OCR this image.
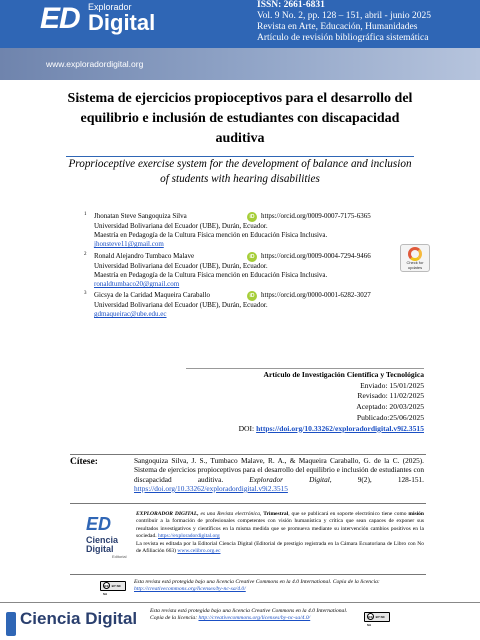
ED Explorador
Digital
ISSN: 2661-6831
Vol. 9 No. 2, pp. 128 – 151, abril - junio 2025
Revista en Arte, Educación, Humanidades
Artículo de revisión bibliográfica sistemática
www.exploradordigital.org
Sistema de ejercicios propioceptivos para el desarrollo del equilibrio e inclusión de estudiantes con discapacidad auditiva
Proprioceptive exercise system for the development of balance and inclusion of students with hearing disabilities
1 Jhonatan Steve Sangoquiza Silva	iD https://orcid.org/0009-0007-7175-6365
Universidad Bolivariana del Ecuador (UBE), Durán, Ecuador.
Maestría en Pedagogía de la Cultura Física mención en Educación Física Inclusiva.
jhonsteve11@gmail.com
2 Ronald Alejandro Tumbaco Malave	iD https://orcid.org/0009-0004-7294-9466
Universidad Bolivariana del Ecuador (UBE), Durán, Ecuador.
Maestría en Pedagogía de la Cultura Física mención en Educación Física Inclusiva.
ronaldtumbaco20@gmail.com
3 Gicsya de la Caridad Maqueira Caraballo	iD https://orcid.org/0000-0001-6282-3027
Universidad Bolivariana del Ecuador (UBE), Durán, Ecuador.
gdmaqueirac@ube.edu.ec
Check for updates
Artículo de Investigación Científica y Tecnológica
Enviado: 15/01/2025
Revisado: 11/02/2025
Aceptado: 20/03/2025
Publicado:25/06/2025
DOI: https://doi.org/10.33262/exploradordigital.v9i2.3515
Cítese:	Sangoquiza Silva, J. S., Tumbaco Malave, R. A., & Maqueira Caraballo, G. de la C. (2025). Sistema de ejercicios propioceptivos para el desarrollo del equilibrio e inclusión de estudiantes con discapacidad auditiva.	Explorador Digital, 9(2), 128-151. https://doi.org/10.33262/exploradordigital.v9i2.3515
ED
Ciencia Digital
Editorial
EXPLORADOR DIGITAL, es una Revista electrónica, Trimestral, que se publicará en soporte electrónico tiene como misión contribuir a la formación de profesionales competentes con visión humanística y crítica que sean capaces de exponer sus resultados investigativos y científicos en la misma medida que se promueva mediante su intervención cambios positivos en la sociedad. https://exploradordigital.org
La revista es editada por la Editorial Ciencia Digital (Editorial de prestigio registrada en la Cámara Ecuatoriana de Libro con No de Afiliación 663) www.celibro.org.ec
cc BY NC SA
Esta revista está protegida bajo una licencia Creative Commons en la 4.0 International. Copia de la licencia: http://creativecommons.org/licenses/by-nc-sa/4.0/
Ciencia Digital Esta revista está protegida bajo una licencia Creative Commons en la 4.0 International. Copia de la licencia: http://creativecommons.org/licenses/by-nc-sa/4.0/	cc BY NC SA
